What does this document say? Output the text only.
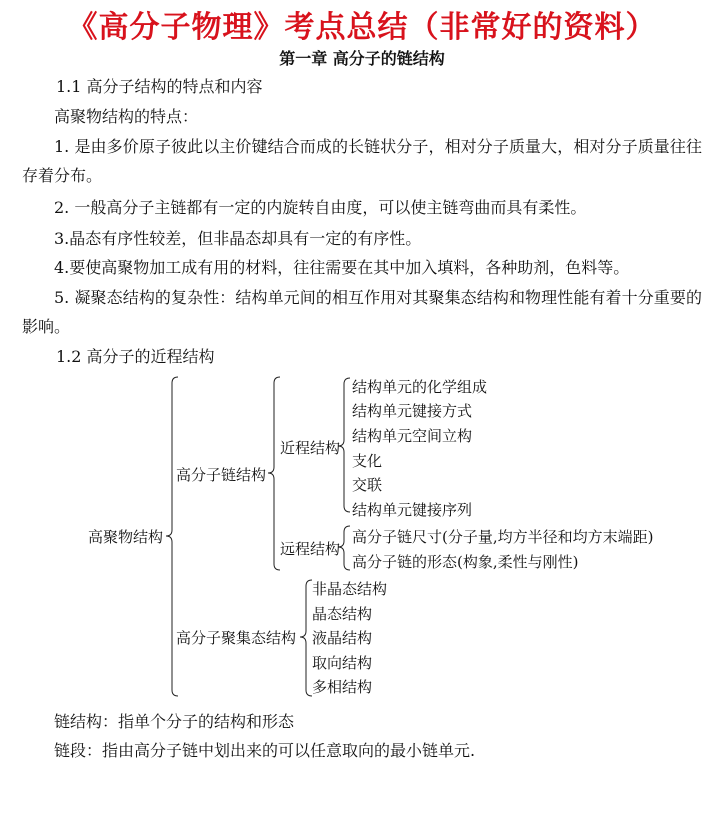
《高分子物理》考点总结（非常好的资料）
第一章 高分子的链结构
1.1 高分子结构的特点和内容
高聚物结构的特点：
1. 是由多价原子彼此以主价键结合而成的长链状分子，相对分子质量大，相对分子质量往往存着分布。
2. 一般高分子主链都有一定的内旋转自由度，可以使主链弯曲而具有柔性。
3.晶态有序性较差，但非晶态却具有一定的有序性。
4.要使高聚物加工成有用的材料，往往需要在其中加入填料，各种助剂，色料等。
5. 凝聚态结构的复杂性：结构单元间的相互作用对其聚集态结构和物理性能有着十分重要的影响。
1.2 高分子的近程结构
高聚物结构
高分子链结构
近程结构
远程结构
高分子聚集态结构
结构单元的化学组成
结构单元键接方式
结构单元空间立构
支化
交联
结构单元键接序列
高分子链尺寸(分子量,均方半径和均方末端距)
高分子链的形态(构象,柔性与刚性)
非晶态结构
晶态结构
液晶结构
取向结构
多相结构
链结构：指单个分子的结构和形态
链段：指由高分子链中划出来的可以任意取向的最小链单元.
